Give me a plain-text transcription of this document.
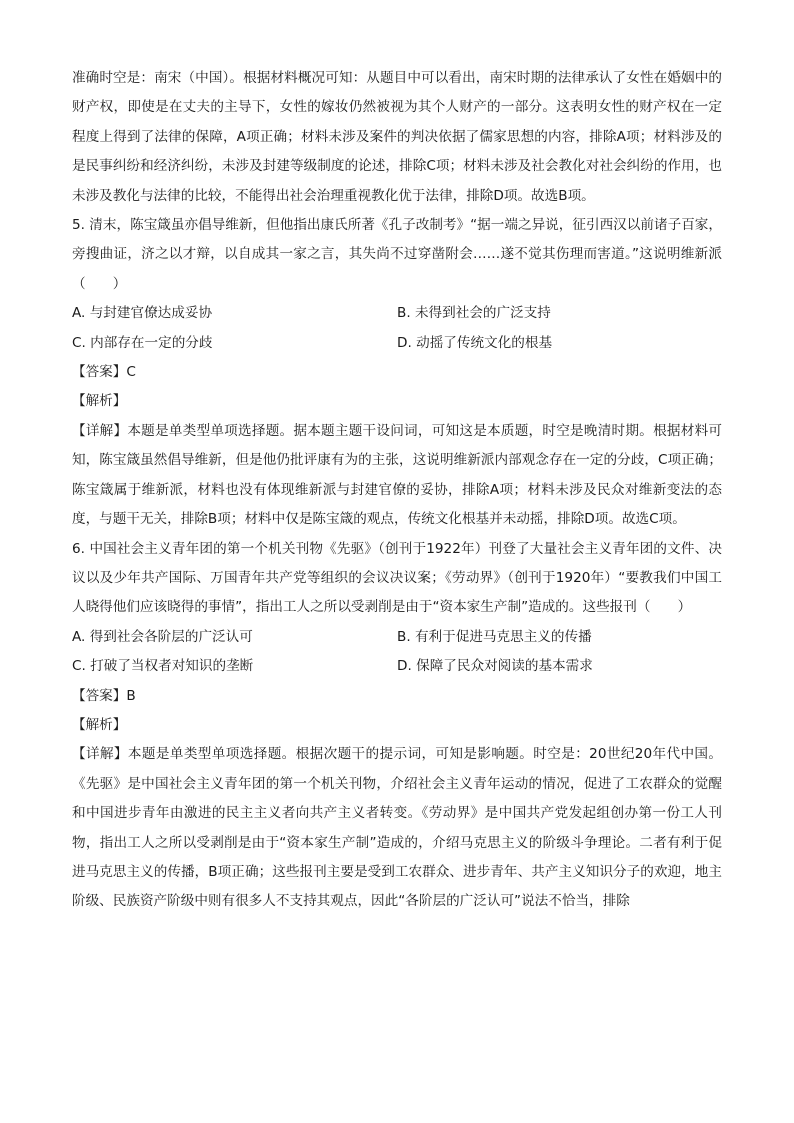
准确时空是：南宋（中国）。根据材料概况可知：从题目中可以看出，南宋时期的法律承认了女性在婚姻中的财产权，即使是在丈夫的主导下，女性的嫁妆仍然被视为其个人财产的一部分。这表明女性的财产权在一定程度上得到了法律的保障，A项正确；材料未涉及案件的判决依据了儒家思想的内容，排除A项；材料涉及的是民事纠纷和经济纠纷，未涉及封建等级制度的论述，排除C项；材料未涉及社会教化对社会纠纷的作用，也未涉及教化与法律的比较，不能得出社会治理重视教化优于法律，排除D项。故选B项。

5. 清末，陈宝箴虽亦倡导维新，但他指出康氏所著《孔子改制考》“据一端之异说，征引西汉以前诸子百家，旁搜曲证，济之以才辩，以自成其一家之言，其失尚不过穿凿附会……遂不觉其伤理而害道。”这说明维新派（　　）

A. 与封建官僚达成妥协	B. 未得到社会的广泛支持
C. 内部存在一定的分歧	D. 动摇了传统文化的根基

【答案】C

【解析】

【详解】本题是单类型单项选择题。据本题主题干设问词，可知这是本质题，时空是晚清时期。根据材料可知，陈宝箴虽然倡导维新，但是他仍批评康有为的主张，这说明维新派内部观念存在一定的分歧，C项正确；陈宝箴属于维新派，材料也没有体现维新派与封建官僚的妥协，排除A项；材料未涉及民众对维新变法的态度，与题干无关，排除B项；材料中仅是陈宝箴的观点，传统文化根基并未动摇，排除D项。故选C项。

6. 中国社会主义青年团的第一个机关刊物《先驱》（创刊于1922年）刊登了大量社会主义青年团的文件、决议以及少年共产国际、万国青年共产党等组织的会议决议案；《劳动界》（创刊于1920年）“要教我们中国工人晓得他们应该晓得的事情”，指出工人之所以受剥削是由于“资本家生产制”造成的。这些报刊（　　）

A. 得到社会各阶层的广泛认可	B. 有利于促进马克思主义的传播
C. 打破了当权者对知识的垄断	D. 保障了民众对阅读的基本需求

【答案】B

【解析】

【详解】本题是单类型单项选择题。根据次题干的提示词，可知是影响题。时空是：20世纪20年代中国。《先驱》是中国社会主义青年团的第一个机关刊物，介绍社会主义青年运动的情况，促进了工农群众的觉醒和中国进步青年由激进的民主主义者向共产主义者转变。《劳动界》是中国共产党发起组创办第一份工人刊物，指出工人之所以受剥削是由于“资本家生产制”造成的，介绍马克思主义的阶级斗争理论。二者有利于促进马克思主义的传播，B项正确；这些报刊主要是受到工农群众、进步青年、共产主义知识分子的欢迎，地主阶级、民族资产阶级中则有很多人不支持其观点，因此“各阶层的广泛认可”说法不恰当，排除
